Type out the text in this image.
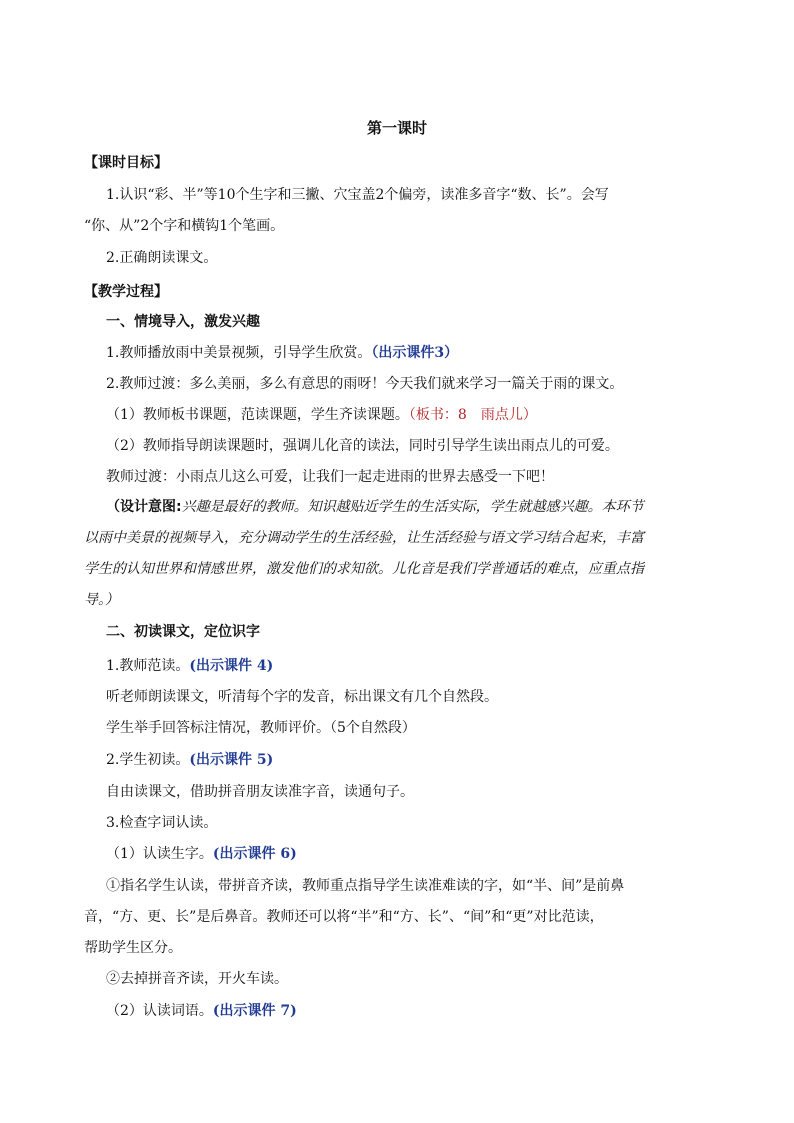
第一课时
【课时目标】
1.认识“彩、半”等10个生字和三撇、穴宝盖2个偏旁，读准多音字“数、长”。会写
“你、从”2个字和横钩1个笔画。
2.正确朗读课文。
【教学过程】
一、情境导入，激发兴趣
1.教师播放雨中美景视频，引导学生欣赏。（出示课件3）
2.教师过渡：多么美丽，多么有意思的雨呀！今天我们就来学习一篇关于雨的课文。
（1）教师板书课题，范读课题，学生齐读课题。（板书：8　雨点儿）
（2）教师指导朗读课题时，强调儿化音的读法，同时引导学生读出雨点儿的可爱。
教师过渡：小雨点儿这么可爱，让我们一起走进雨的世界去感受一下吧！
（设计意图:兴趣是最好的教师。知识越贴近学生的生活实际，学生就越感兴趣。本环节
以雨中美景的视频导入，充分调动学生的生活经验，让生活经验与语文学习结合起来，丰富
学生的认知世界和情感世界，激发他们的求知欲。儿化音是我们学普通话的难点，应重点指
导。）
二、初读课文，定位识字
1.教师范读。(出示课件 4)
听老师朗读课文，听清每个字的发音，标出课文有几个自然段。
学生举手回答标注情况，教师评价。（5个自然段）
2.学生初读。(出示课件 5)
自由读课文，借助拼音朋友读准字音，读通句子。
3.检查字词认读。
（1）认读生字。(出示课件 6)
①指名学生认读，带拼音齐读，教师重点指导学生读准难读的字，如“半、间”是前鼻
音，“方、更、长”是后鼻音。教师还可以将“半”和“方、长”、“间”和“更”对比范读，
帮助学生区分。
②去掉拼音齐读，开火车读。
（2）认读词语。(出示课件 7)
